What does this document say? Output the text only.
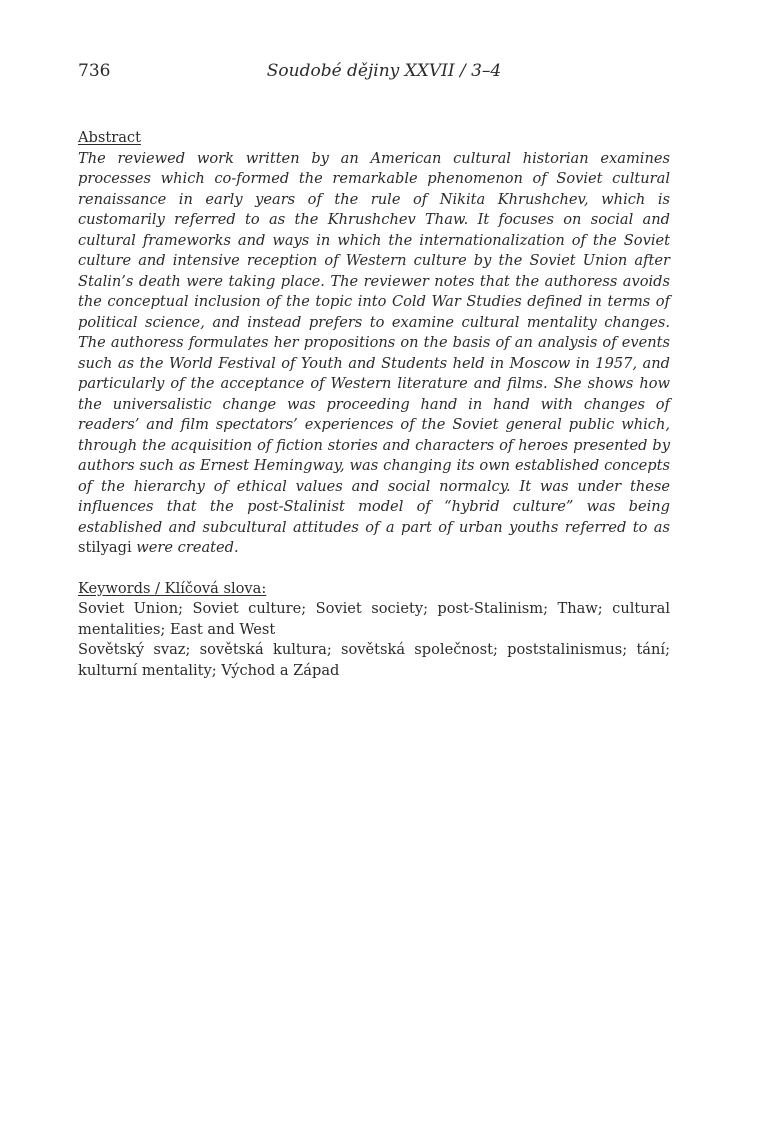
736	Soudobé dějiny XXVII / 3–4

Abstract

The reviewed work written by an American cultural historian examines processes which co-formed the remarkable phenomenon of Soviet cultural renaissance in early years of the rule of Nikita Khrushchev, which is customarily referred to as the Khrushchev Thaw. It focuses on social and cultural frameworks and ways in which the internationalization of the Soviet culture and intensive reception of Western culture by the Soviet Union after Stalin’s death were taking place. The reviewer notes that the authoress avoids the conceptual inclusion of the topic into Cold War Studies defined in terms of political science, and instead prefers to examine cultural mentality changes. The authoress formulates her propositions on the basis of an analysis of events such as the World Festival of Youth and Students held in Moscow in 1957, and particularly of the acceptance of Western literature and films. She shows how the universalistic change was proceeding hand in hand with changes of readers’ and film spectators’ experiences of the Soviet general public which, through the acquisition of fiction stories and characters of heroes presented by authors such as Ernest Hemingway, was changing its own established concepts of the hierarchy of ethical values and social normalcy. It was under these influences that the post-Stalinist model of “hybrid culture” was being established and subcultural attitudes of a part of urban youths referred to as stilyagi were created.

Keywords / Klíčová slova:

Soviet Union; Soviet culture; Soviet society; post-Stalinism; Thaw; cultural mentalities; East and West

Sovětský svaz; sovětská kultura; sovětská společnost; poststalinismus; tání; kulturní mentality; Východ a Západ
